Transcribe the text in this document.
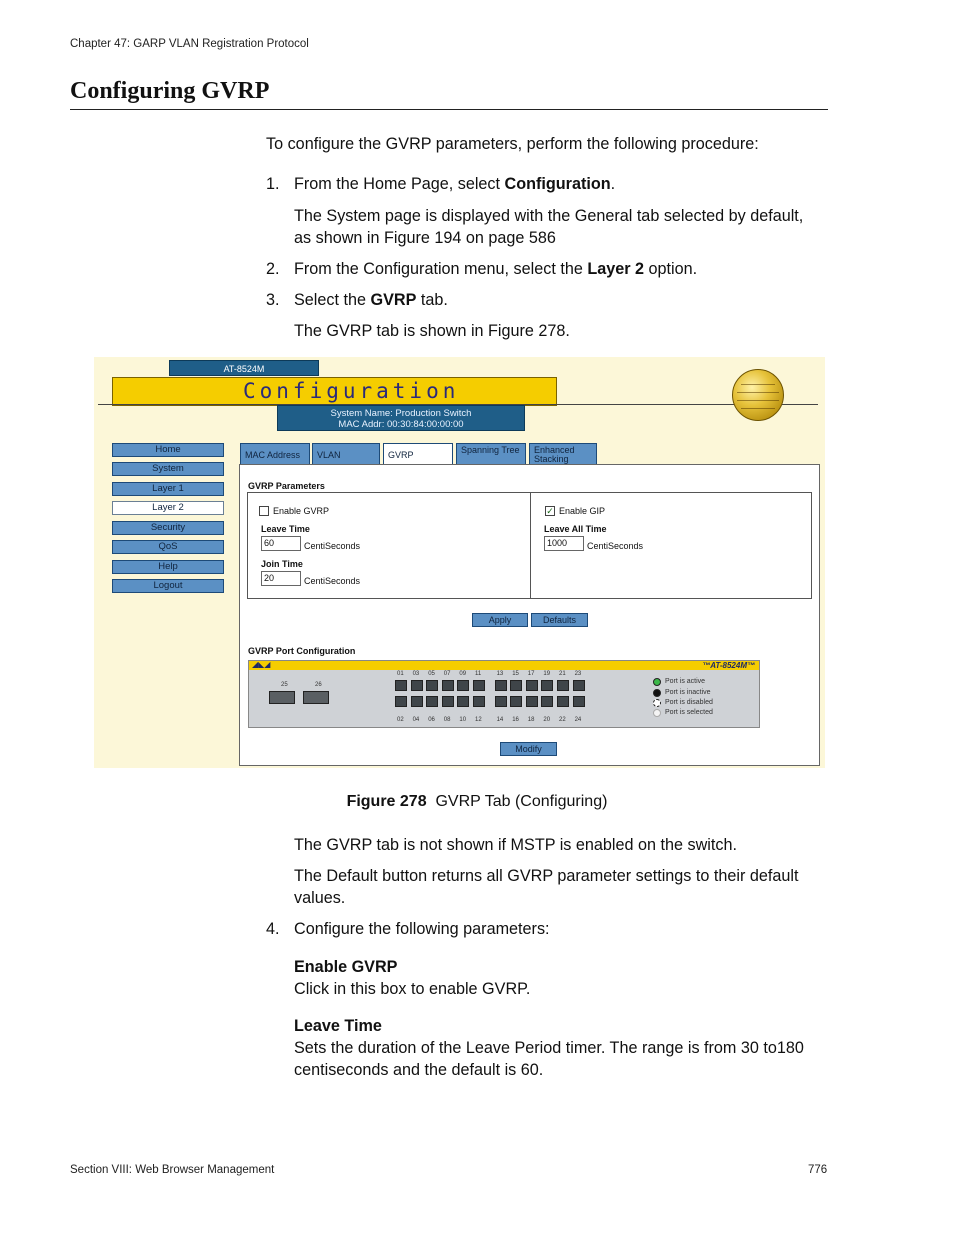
Chapter 47: GARP VLAN Registration Protocol
Configuring GVRP
To configure the GVRP parameters, perform the following procedure:
1. From the Home Page, select Configuration.
The System page is displayed with the General tab selected by default, as shown in Figure 194 on page 586
2. From the Configuration menu, select the Layer 2 option.
3. Select the GVRP tab.
The GVRP tab is shown in Figure 278.
AT-8524M
Configuration
System Name: Production Switch
MAC Addr: 00:30:84:00:00:00
Home
System
Layer 1
Layer 2
Security
QoS
Help
Logout
MAC Address	VLAN	GVRP	Spanning Tree	Enhanced Stacking
GVRP Parameters
Enable GVRP
Leave Time
60	CentiSeconds
Join Time
20	CentiSeconds
✓ Enable GIP
Leave All Time
1000	CentiSeconds
Apply	Defaults
GVRP Port Configuration
Modify
◢◣◢	™AT-8524M™
Port is active
Port is inactive
Port is disabled
Port is selected
01 03 05 07 09 11	13 15 17 19 21 23
02 04 06 08 10 12 14 16 18 20 22 24
25	26
Figure 278 GVRP Tab (Configuring)
The GVRP tab is not shown if MSTP is enabled on the switch.
The Default button returns all GVRP parameter settings to their default values.
4. Configure the following parameters:
Enable GVRP
Click in this box to enable GVRP.
Leave Time
Sets the duration of the Leave Period timer. The range is from 30 to180 centiseconds and the default is 60.
Section VIII: Web Browser Management	776
